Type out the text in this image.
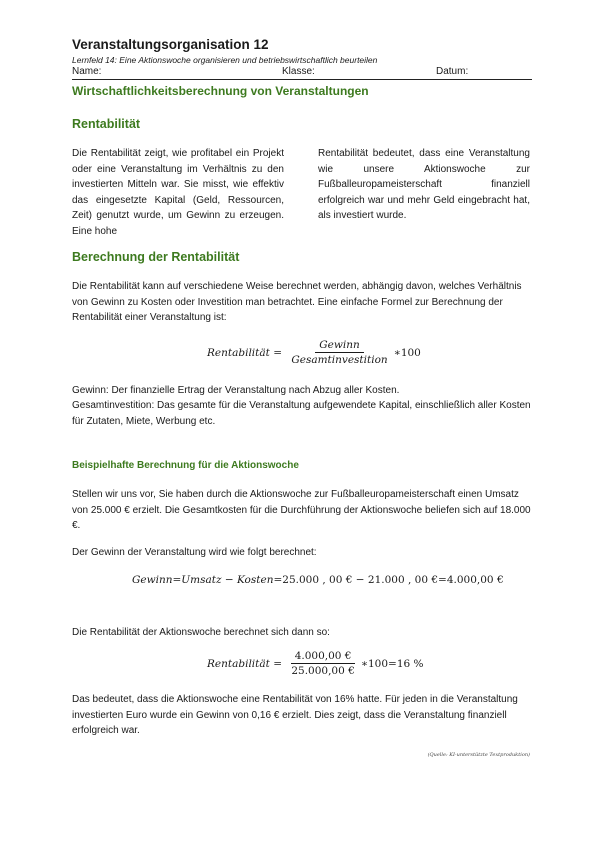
Veranstaltungsorganisation 12
Lernfeld 14: Eine Aktionswoche organisieren und betriebswirtschaftlich beurteilen
Name:	Klasse:	Datum:
Wirtschaftlichkeitsberechnung von Veranstaltungen
Rentabilität
Die Rentabilität zeigt, wie profitabel ein Projekt oder eine Veranstaltung im Verhältnis zu den investierten Mitteln war. Sie misst, wie effektiv das eingesetzte Kapital (Geld, Ressourcen, Zeit) genutzt wurde, um Gewinn zu erzeugen. Eine hohe
Rentabilität bedeutet, dass eine Veranstaltung wie unsere Aktionswoche zur Fußballeuropameisterschaft finanziell erfolgreich war und mehr Geld eingebracht hat, als investiert wurde.
Berechnung der Rentabilität
Die Rentabilität kann auf verschiedene Weise berechnet werden, abhängig davon, welches Verhältnis von Gewinn zu Kosten oder Investition man betrachtet. Eine einfache Formel zur Berechnung der Rentabilität einer Veranstaltung ist:
Rentabilität = $\frac{\text{Gewinn}}{\text{Gesamtinvestition}}$ ∗ 100
Gewinn: Der finanzielle Ertrag der Veranstaltung nach Abzug aller Kosten.
Gesamtinvestition: Das gesamte für die Veranstaltung aufgewendete Kapital, einschließlich aller Kosten für Zutaten, Miete, Werbung etc.
Beispielhafte Berechnung für die Aktionswoche
Stellen wir uns vor, Sie haben durch die Aktionswoche zur Fußballeuropameisterschaft einen Umsatz von 25.000 € erzielt. Die Gesamtkosten für die Durchführung der Aktionswoche beliefen sich auf 18.000 €.
Der Gewinn der Veranstaltung wird wie folgt berechnet:
Gewinn = Umsatz − Kosten = 25.000 , 00 € − 21.000 , 00 € = 4.000,00 €
Die Rentabilität der Aktionswoche berechnet sich dann so:
Rentabilität = $\frac{4.000,00 €}{25.000,00 €}$ ∗ 100 = 16 %
Das bedeutet, dass die Aktionswoche eine Rentabilität von 16% hatte. Für jeden in die Veranstaltung investierten Euro wurde ein Gewinn von 0,16 € erzielt. Dies zeigt, dass die Veranstaltung finanziell erfolgreich war.
(Quelle: KI-unterstützte Textproduktion)
